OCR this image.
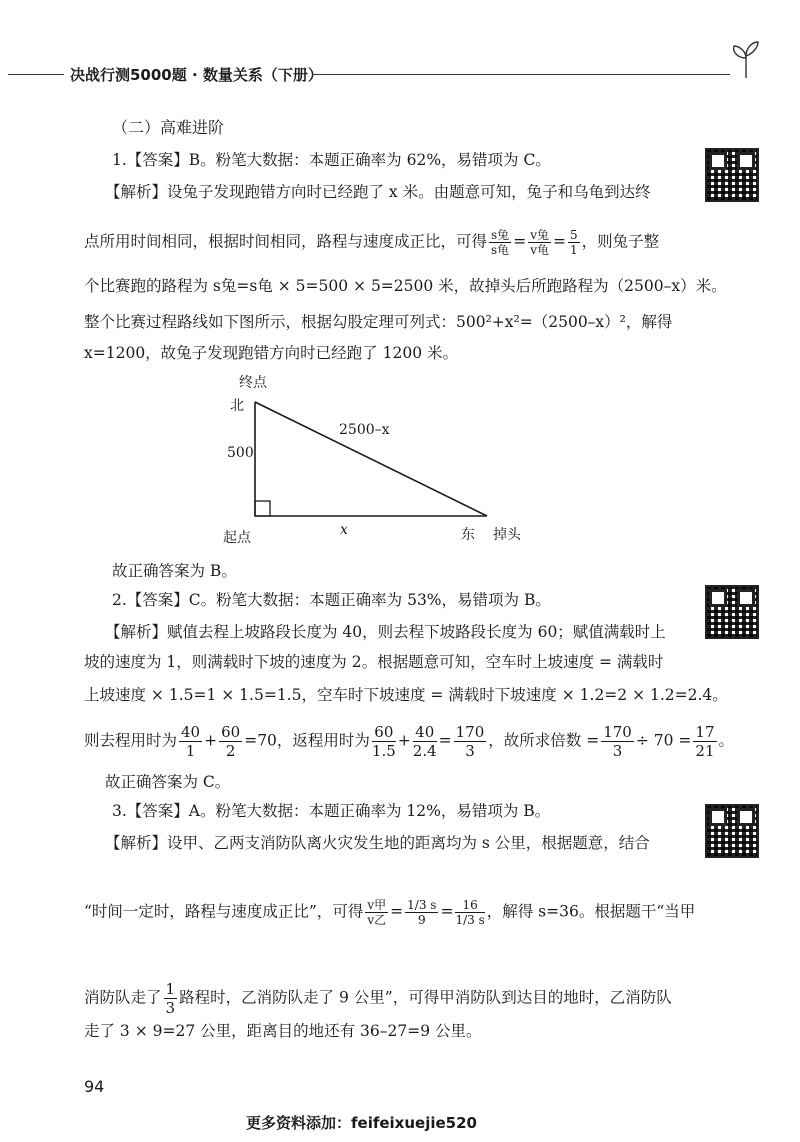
决战行测5000题 · 数量关系（下册）
（二）高难进阶
1.【答案】B。粉笔大数据：本题正确率为 62%，易错项为 C。
【解析】设兔子发现跑错方向时已经跑了 x 米。由题意可知，兔子和乌龟到达终
点所用时间相同，根据时间相同，路程与速度成正比，可得 $\frac{\text{s兔}}{\text{s龟}} = \frac{\text{v兔}}{\text{v龟}} = \frac{5}{1}$ ，则兔子整
个比赛跑的路程为 s兔=s龟 × 5=500 × 5=2500 米，故掉头后所跑路程为（2500–x）米。
整个比赛过程路线如下图所示，根据勾股定理可列式：500²+x²=（2500–x）²，解得
x=1200，故兔子发现跑错方向时已经跑了 1200 米。
终点
北
500
2500–x
起点	x	东 掉头
故正确答案为 B。
2.【答案】C。粉笔大数据：本题正确率为 53%，易错项为 B。
【解析】赋值去程上坡路段长度为 40，则去程下坡路段长度为 60；赋值满载时上
坡的速度为 1，则满载时下坡的速度为 2。根据题意可知，空车时上坡速度 = 满载时
上坡速度 × 1.5=1 × 1.5=1.5，空车时下坡速度 = 满载时下坡速度 × 1.2=2 × 1.2=2.4。
则去程用时为 $\frac{40}{1} + \frac{60}{2} =70$，返程用时为 $\frac{60}{1.5} + \frac{40}{2.4} = \frac{170}{3}$ ，故所求倍数 = $\frac{170}{3} \div 70 = \frac{17}{21}$ 。
故正确答案为 C。
3.【答案】A。粉笔大数据：本题正确率为 12%，易错项为 B。
【解析】设甲、乙两支消防队离火灾发生地的距离均为 s 公里，根据题意，结合
“时间一定时，路程与速度成正比”，可得 $\frac{\text{v甲}}{\text{v乙}} = \frac{1/3 s}{9} = \frac{16}{1/3 s}$ ，解得 s=36。根据题干“当甲
消防队走了 $\frac{1}{3}$ 路程时，乙消防队走了 9 公里”，可得甲消防队到达目的地时，乙消防队
走了 3 × 9=27 公里，距离目的地还有 36–27=9 公里。
94
更多资料添加：feifeixuejie520
